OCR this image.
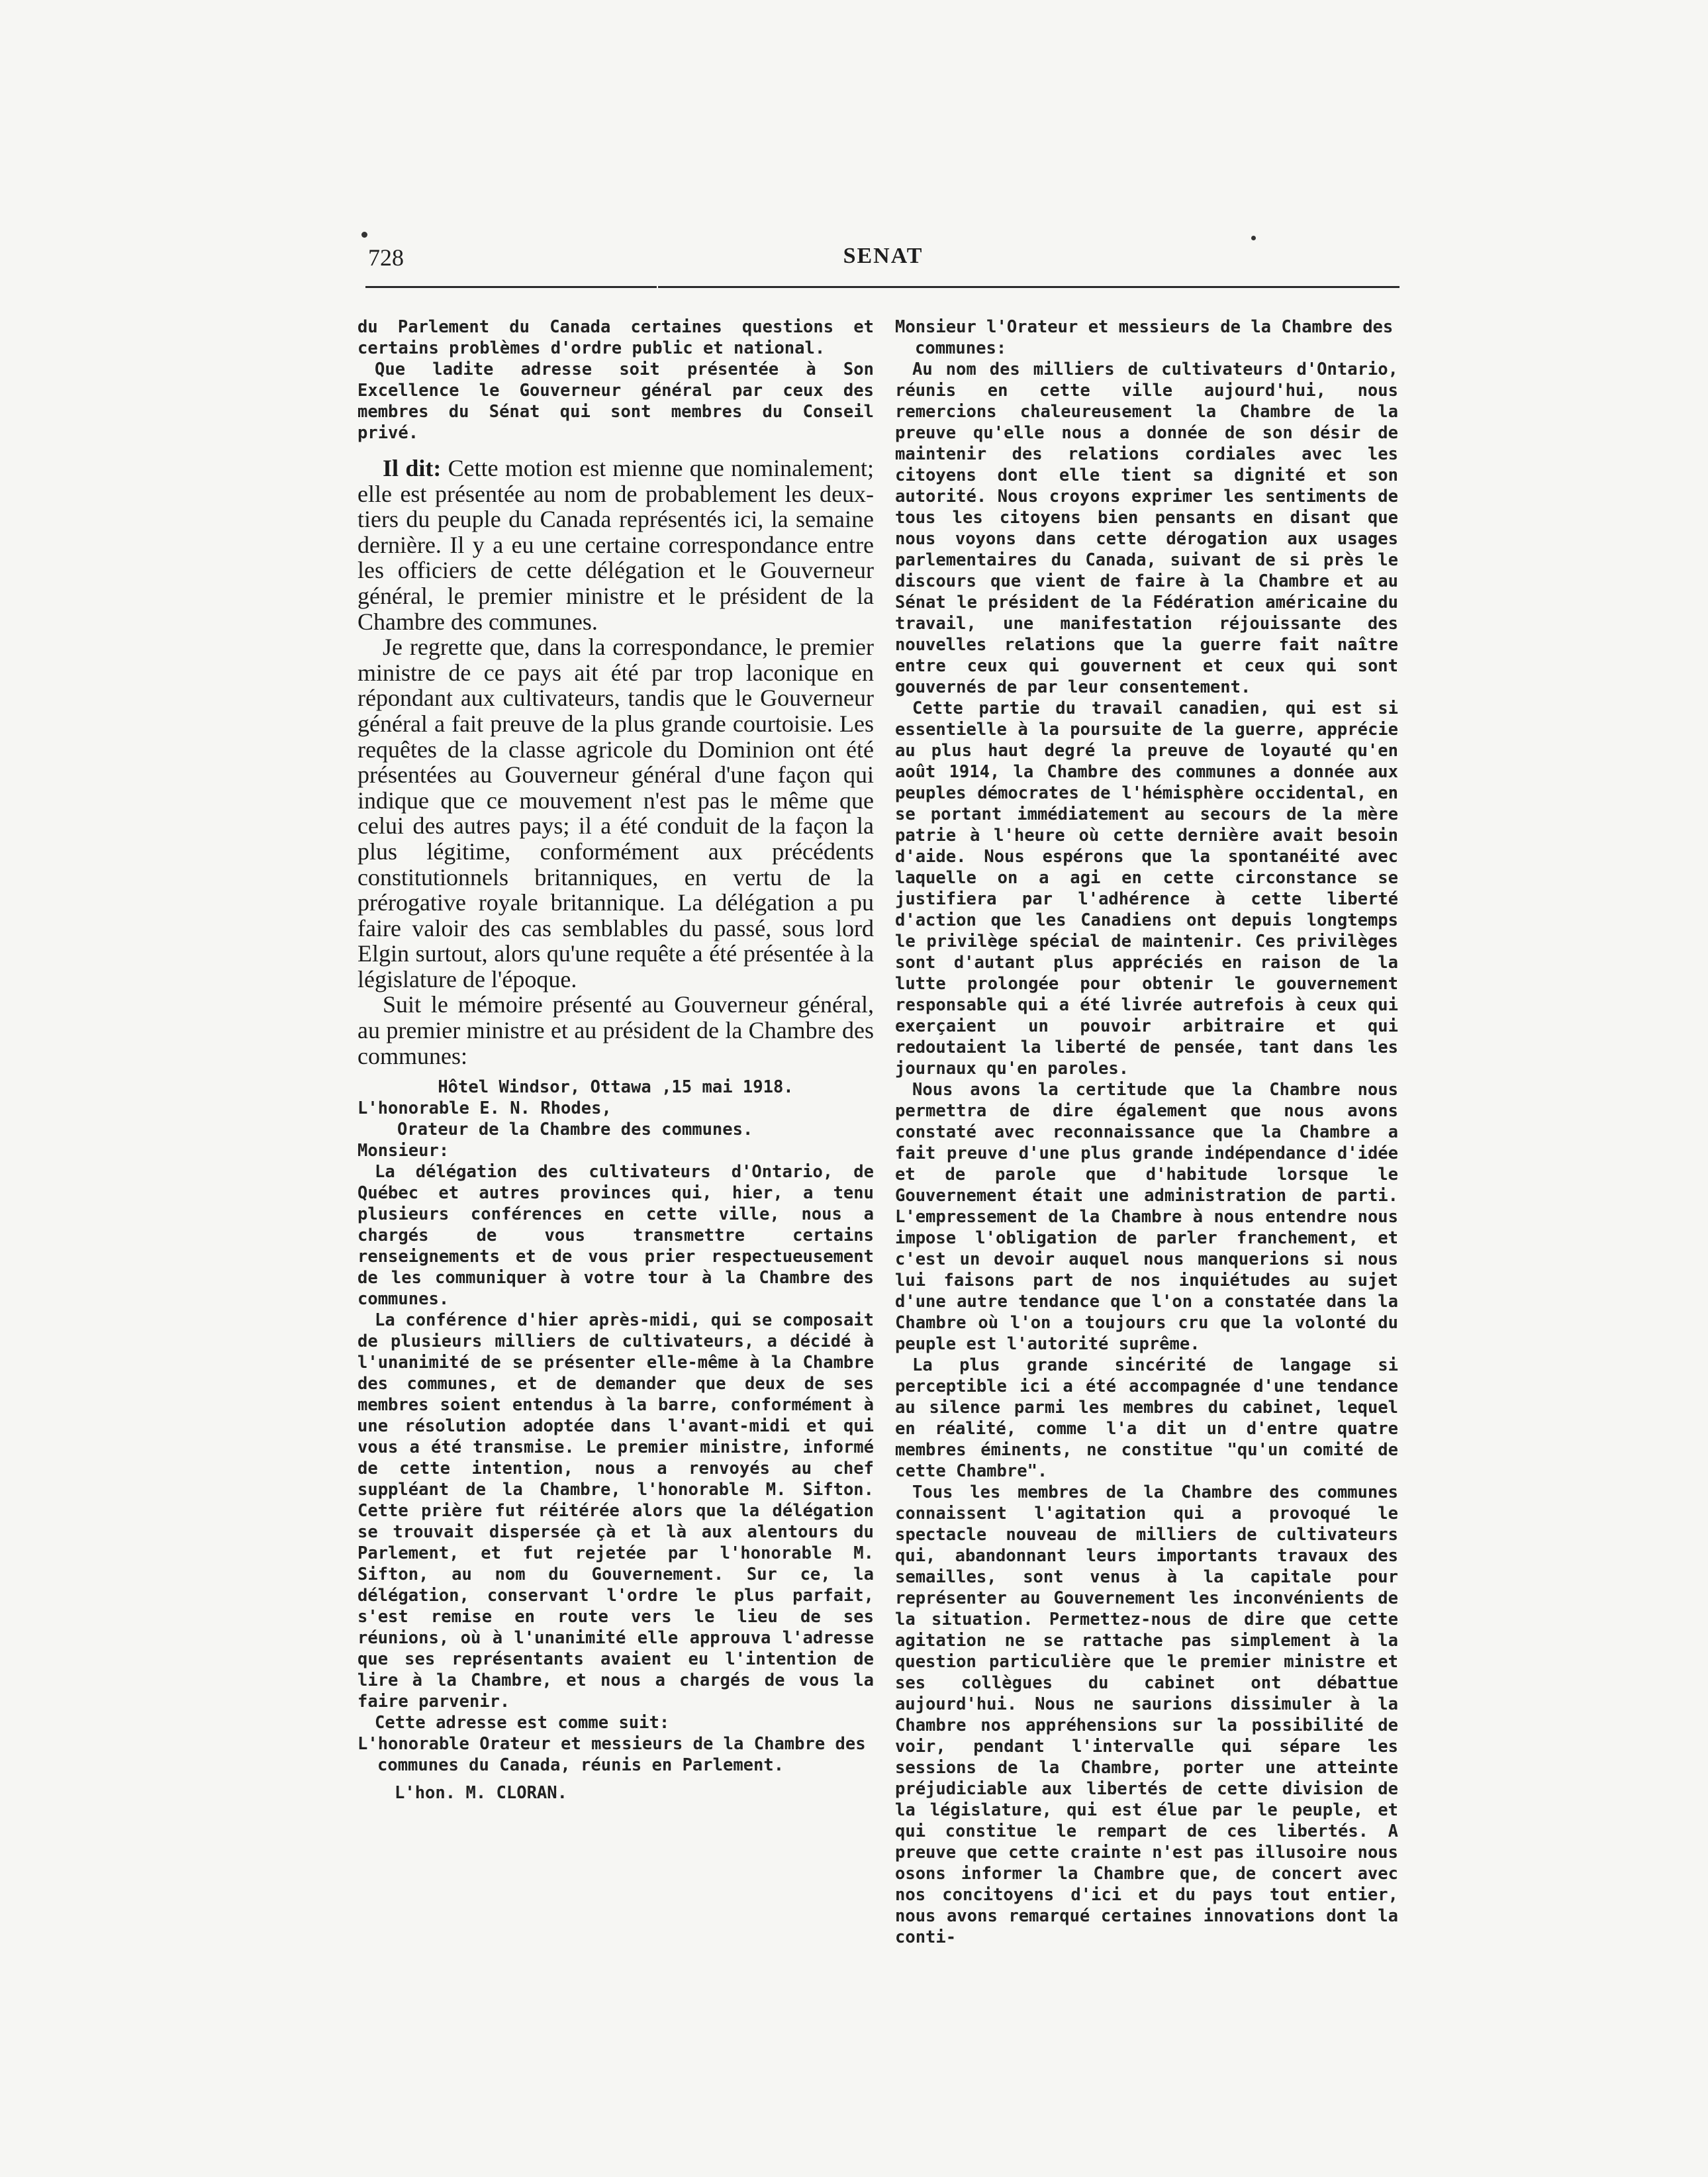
728	SENAT

du Parlement du Canada certaines questions et certains problèmes d'ordre public et national.

Que ladite adresse soit présentée à Son Excellence le Gouverneur général par ceux des membres du Sénat qui sont membres du Conseil privé.

Il dit: Cette motion est mienne que nominalement; elle est présentée au nom de probablement les deux-tiers du peuple du Canada représentés ici, la semaine dernière. Il y a eu une certaine correspondance entre les officiers de cette délégation et le Gouverneur général, le premier ministre et le président de la Chambre des communes.

Je regrette que, dans la correspondance, le premier ministre de ce pays ait été par trop laconique en répondant aux cultivateurs, tandis que le Gouverneur général a fait preuve de la plus grande courtoisie. Les requêtes de la classe agricole du Dominion ont été présentées au Gouverneur général d'une façon qui indique que ce mouvement n'est pas le même que celui des autres pays; il a été conduit de la façon la plus légitime, conformément aux précédents constitutionnels britanniques, en vertu de la prérogative royale britannique. La délégation a pu faire valoir des cas semblables du passé, sous lord Elgin surtout, alors qu'une requête a été présentée à la législature de l'époque.

Suit le mémoire présenté au Gouverneur général, au premier ministre et au président de la Chambre des communes:

Hôtel Windsor, Ottawa ,15 mai 1918.

L'honorable E. N. Rhodes,

Orateur de la Chambre des communes.

Monsieur:

La délégation des cultivateurs d'Ontario, de Québec et autres provinces qui, hier, a tenu plusieurs conférences en cette ville, nous a chargés de vous transmettre certains renseignements et de vous prier respectueusement de les communiquer à votre tour à la Chambre des communes.

La conférence d'hier après-midi, qui se composait de plusieurs milliers de cultivateurs, a décidé à l'unanimité de se présenter elle-même à la Chambre des communes, et de demander que deux de ses membres soient entendus à la barre, conformément à une résolution adoptée dans l'avant-midi et qui vous a été transmise. Le premier ministre, informé de cette intention, nous a renvoyés au chef suppléant de la Chambre, l'honorable M. Sifton. Cette prière fut réitérée alors que la délégation se trouvait dispersée çà et là aux alentours du Parlement, et fut rejetée par l'honorable M. Sifton, au nom du Gouvernement. Sur ce, la délégation, conservant l'ordre le plus parfait, s'est remise en route vers le lieu de ses réunions, où à l'unanimité elle approuva l'adresse que ses représentants avaient eu l'intention de lire à la Chambre, et nous a chargés de vous la faire parvenir.

Cette adresse est comme suit:

L'honorable Orateur et messieurs de la Chambre des communes du Canada, réunis en Parlement.

L'hon. M. CLORAN.

Monsieur l'Orateur et messieurs de la Chambre des communes:

Au nom des milliers de cultivateurs d'Ontario, réunis en cette ville aujourd'hui, nous remercions chaleureusement la Chambre de la preuve qu'elle nous a donnée de son désir de maintenir des relations cordiales avec les citoyens dont elle tient sa dignité et son autorité. Nous croyons exprimer les sentiments de tous les citoyens bien pensants en disant que nous voyons dans cette dérogation aux usages parlementaires du Canada, suivant de si près le discours que vient de faire à la Chambre et au Sénat le président de la Fédération américaine du travail, une manifestation réjouissante des nouvelles relations que la guerre fait naître entre ceux qui gouvernent et ceux qui sont gouvernés de par leur consentement.

Cette partie du travail canadien, qui est si essentielle à la poursuite de la guerre, apprécie au plus haut degré la preuve de loyauté qu'en août 1914, la Chambre des communes a donnée aux peuples démocrates de l'hémisphère occidental, en se portant immédiatement au secours de la mère patrie à l'heure où cette dernière avait besoin d'aide. Nous espérons que la spontanéité avec laquelle on a agi en cette circonstance se justifiera par l'adhérence à cette liberté d'action que les Canadiens ont depuis longtemps le privilège spécial de maintenir. Ces privilèges sont d'autant plus appréciés en raison de la lutte prolongée pour obtenir le gouvernement responsable qui a été livrée autrefois à ceux qui exerçaient un pouvoir arbitraire et qui redoutaient la liberté de pensée, tant dans les journaux qu'en paroles.

Nous avons la certitude que la Chambre nous permettra de dire également que nous avons constaté avec reconnaissance que la Chambre a fait preuve d'une plus grande indépendance d'idée et de parole que d'habitude lorsque le Gouvernement était une administration de parti. L'empressement de la Chambre à nous entendre nous impose l'obligation de parler franchement, et c'est un devoir auquel nous manquerions si nous lui faisons part de nos inquiétudes au sujet d'une autre tendance que l'on a constatée dans la Chambre où l'on a toujours cru que la volonté du peuple est l'autorité suprême.

La plus grande sincérité de langage si perceptible ici a été accompagnée d'une tendance au silence parmi les membres du cabinet, lequel en réalité, comme l'a dit un d'entre quatre membres éminents, ne constitue "qu'un comité de cette Chambre".

Tous les membres de la Chambre des communes connaissent l'agitation qui a provoqué le spectacle nouveau de milliers de cultivateurs qui, abandonnant leurs importants travaux des semailles, sont venus à la capitale pour représenter au Gouvernement les inconvénients de la situation. Permettez-nous de dire que cette agitation ne se rattache pas simplement à la question particulière que le premier ministre et ses collègues du cabinet ont débattue aujourd'hui. Nous ne saurions dissimuler à la Chambre nos appréhensions sur la possibilité de voir, pendant l'intervalle qui sépare les sessions de la Chambre, porter une atteinte préjudiciable aux libertés de cette division de la législature, qui est élue par le peuple, et qui constitue le rempart de ces libertés. A preuve que cette crainte n'est pas illusoire nous osons informer la Chambre que, de concert avec nos concitoyens d'ici et du pays tout entier, nous avons remarqué certaines innovations dont la conti-
